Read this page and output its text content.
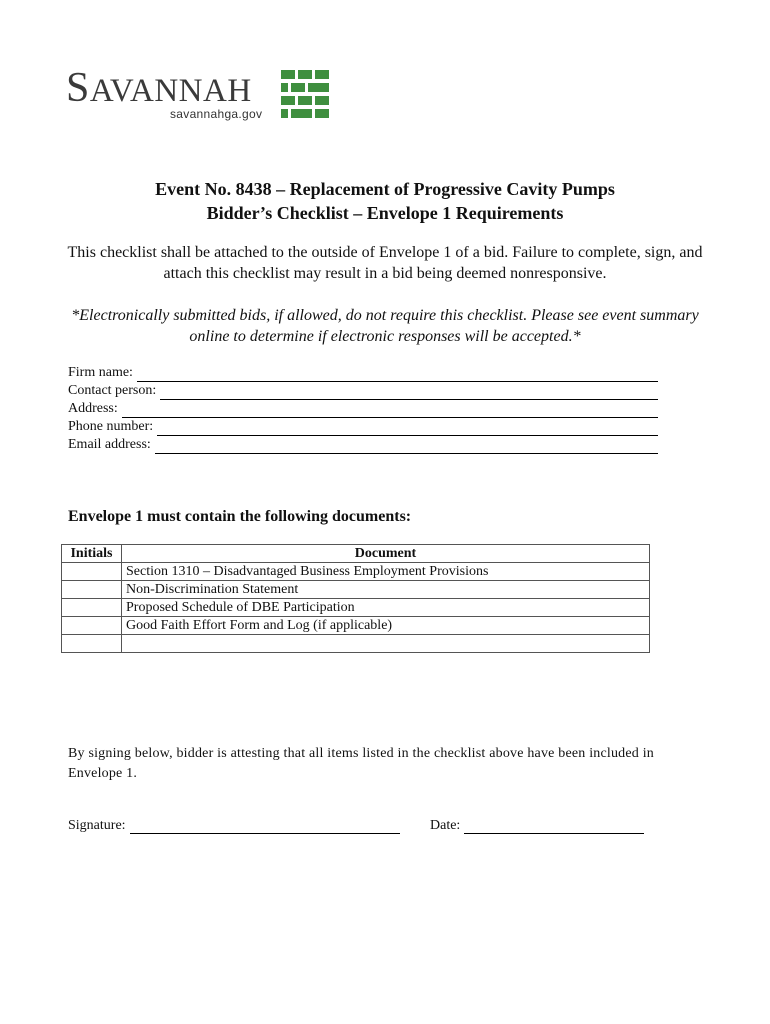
SAVANNAH
savannahga.gov
Event No. 8438 – Replacement of Progressive Cavity Pumps
Bidder’s Checklist – Envelope 1 Requirements
This checklist shall be attached to the outside of Envelope 1 of a bid. Failure to complete, sign, and attach this checklist may result in a bid being deemed nonresponsive.
*Electronically submitted bids, if allowed, do not require this checklist. Please see event summary online to determine if electronic responses will be accepted.*
Firm name:
Contact person:
Address:
Phone number:
Email address:
Envelope 1 must contain the following documents:
Initials	Document
	Section 1310 – Disadvantaged Business Employment Provisions
	Non-Discrimination Statement
	Proposed Schedule of DBE Participation
	Good Faith Effort Form and Log (if applicable)

By signing below, bidder is attesting that all items listed in the checklist above have been included in Envelope 1.
Signature:	Date:
